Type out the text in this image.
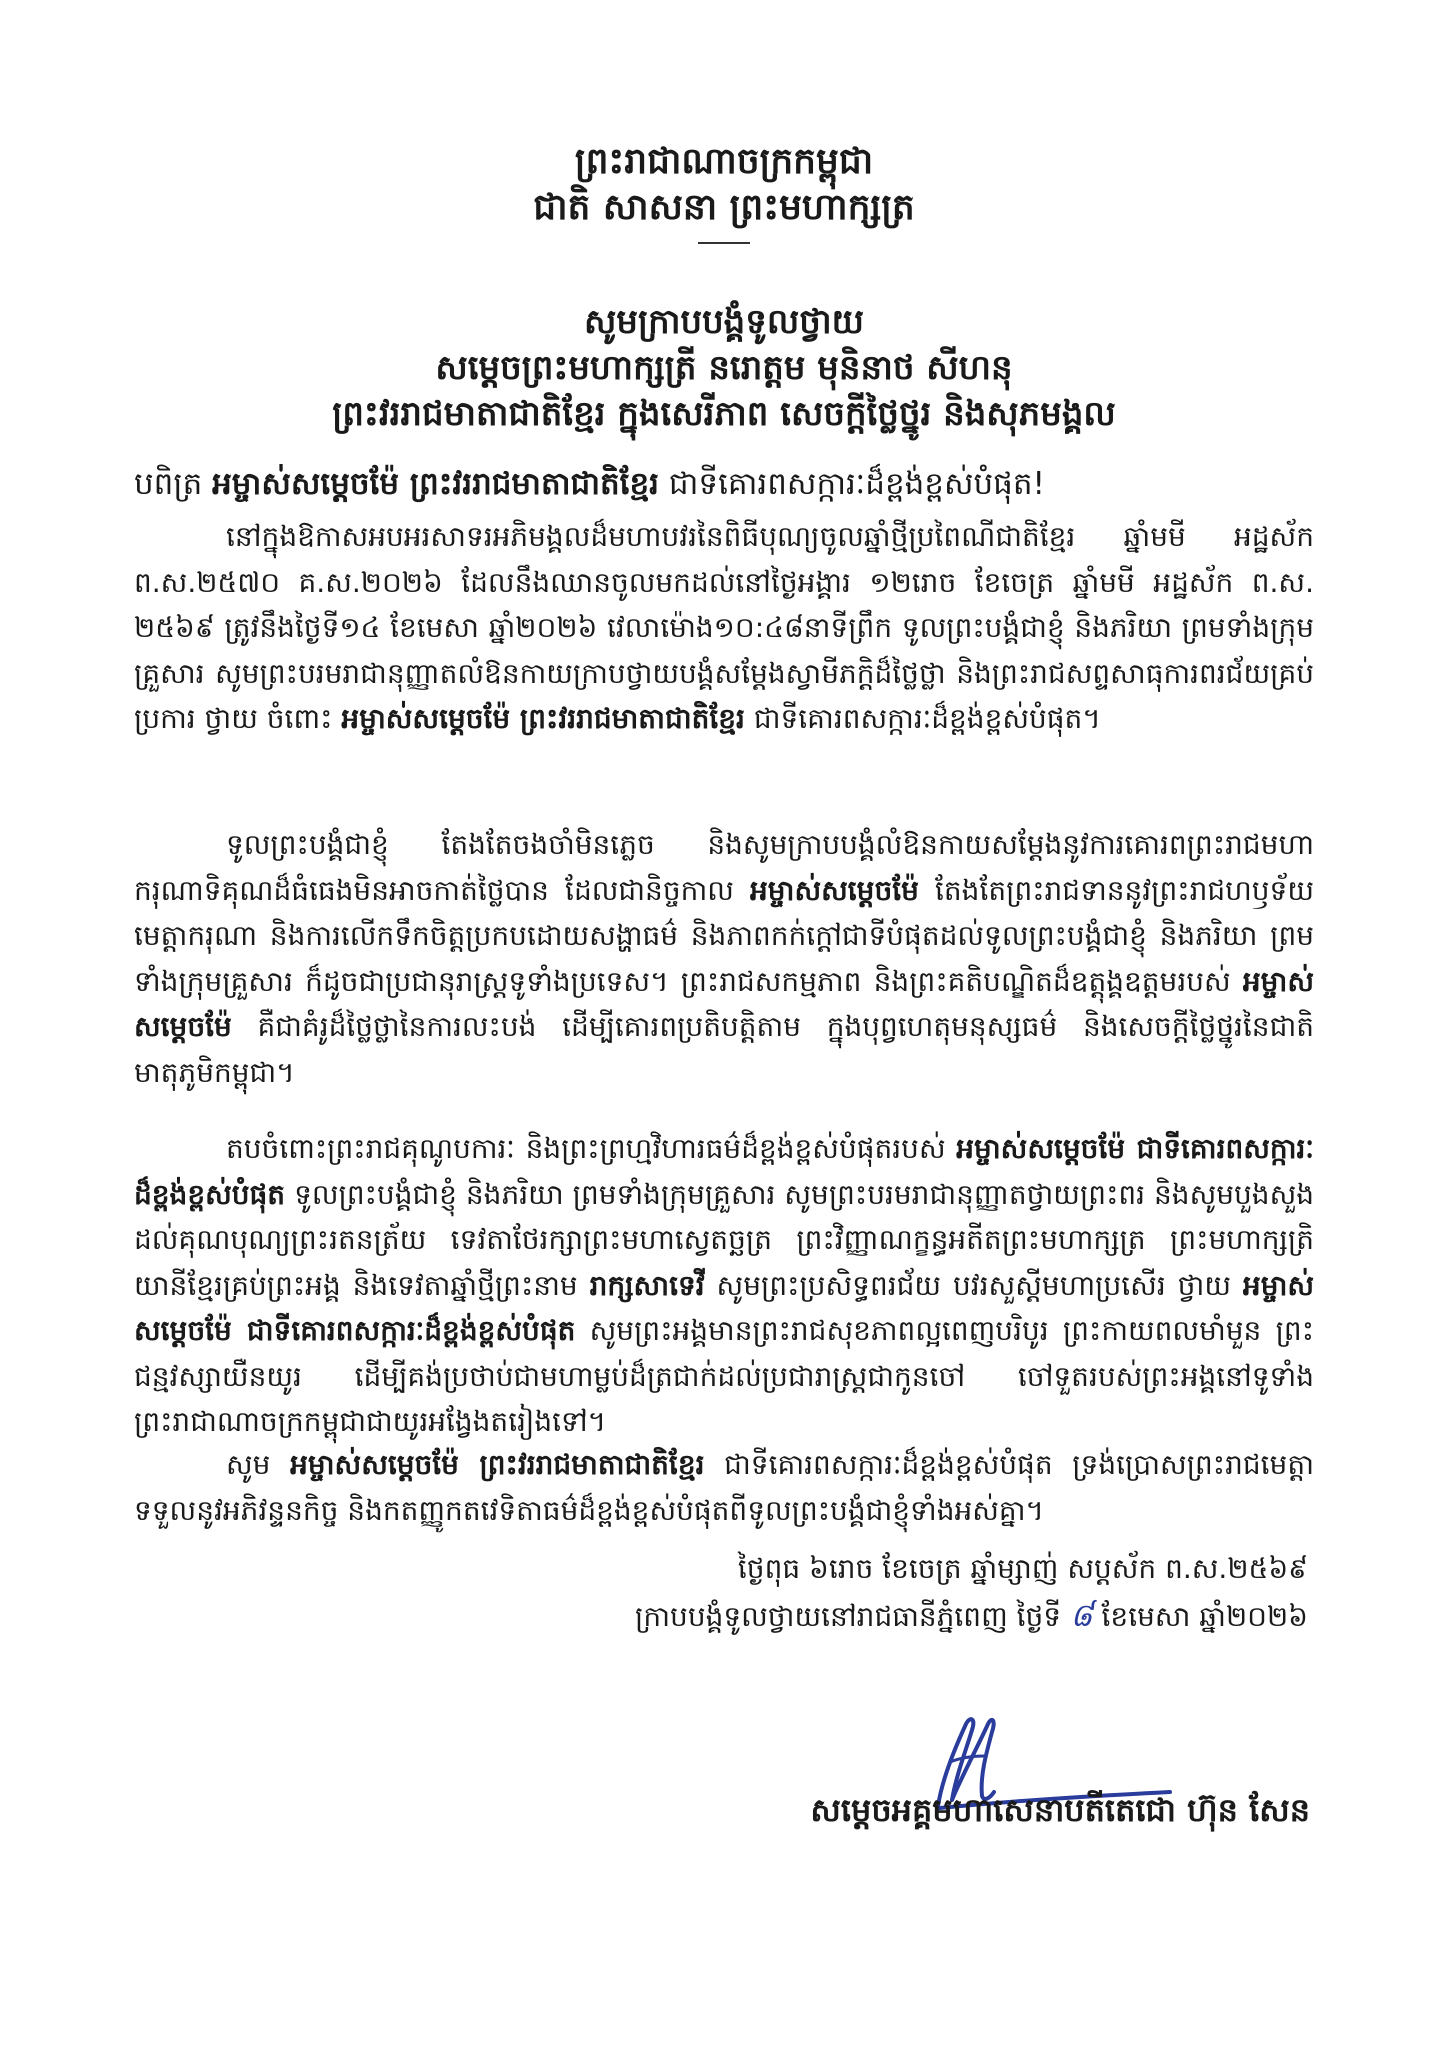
ព្រះរាជាណាចក្រកម្ពុជា
ជាតិ សាសនា ព្រះមហាក្សត្រ
សូមក្រាបបង្គំទូលថ្វាយ
សម្តេចព្រះមហាក្សត្រី នរោត្តម មុនិនាថ សីហនុ
ព្រះវររាជមាតាជាតិខ្មែរ ក្នុងសេរីភាព សេចក្តីថ្លៃថ្នូរ និងសុភមង្គល
បពិត្រ អម្ចាស់សម្តេចម៉ែ ព្រះវររាជមាតាជាតិខ្មែរ ជាទីគោរពសក្ការៈដ៏ខ្ពង់ខ្ពស់បំផុត!
នៅក្នុងឱកាសអបអរសាទរអភិមង្គលដ៏មហាបវរនៃពិធីបុណ្យចូលឆ្នាំថ្មីប្រពៃណីជាតិខ្មែរ ឆ្នាំមមី អដ្ឋស័ក ព.ស.២៥៧០ គ.ស.២០២៦ ដែលនឹងឈានចូលមកដល់នៅថ្ងៃអង្គារ ១២រោច ខែចេត្រ ឆ្នាំមមី អដ្ឋស័ក ព.ស. ២៥៦៩ ត្រូវនឹងថ្ងៃទី១៤ ខែមេសា ឆ្នាំ២០២៦ វេលាម៉ោង១០:៤៨នាទីព្រឹក ទូលព្រះបង្គំជាខ្ញុំ និងភរិយា ព្រមទាំងក្រុមគ្រួសារ សូមព្រះបរមរាជានុញ្ញាតលំឱនកាយក្រាបថ្វាយបង្គំសម្តែងស្វាមីភក្តិដ៏ថ្លៃថ្លា និងព្រះរាជសព្ទសាធុការពរជ័យគ្រប់ប្រការ ថ្វាយ ចំពោះ អម្ចាស់សម្តេចម៉ែ ព្រះវររាជមាតាជាតិខ្មែរ ជាទីគោរពសក្ការៈដ៏ខ្ពង់ខ្ពស់បំផុត។
ទូលព្រះបង្គំជាខ្ញុំ តែងតែចងចាំមិនភ្លេច និងសូមក្រាបបង្គំលំឱនកាយសម្តែងនូវការគោរពព្រះរាជមហាករុណាទិគុណដ៏ធំធេងមិនអាចកាត់ថ្លៃបាន ដែលជានិច្ចកាល អម្ចាស់សម្តេចម៉ែ តែងតែព្រះរាជទាននូវព្រះរាជហឫទ័យមេត្តាករុណា និងការលើកទឹកចិត្តប្រកបដោយសង្ហាធម៌ និងភាពកក់ក្តៅជាទីបំផុតដល់ទូលព្រះបង្គំជាខ្ញុំ និងភរិយា ព្រមទាំងក្រុមគ្រួសារ ក៏ដូចជាប្រជានុរាស្ត្រទូទាំងប្រទេស។ ព្រះរាជសកម្មភាព និងព្រះគតិបណ្ឌិតដ៏ឧត្តុង្គឧត្តមរបស់ អម្ចាស់សម្តេចម៉ែ គឺជាគំរូដ៏ថ្លៃថ្លានៃការលះបង់ ដើម្បីគោរពប្រតិបត្តិតាម ក្នុងបុព្វហេតុមនុស្សធម៌ និងសេចក្តីថ្លៃថ្នូរនៃជាតិមាតុភូមិកម្ពុជា។
តបចំពោះព្រះរាជគុណូបការៈ និងព្រះព្រហ្មវិហារធម៌ដ៏ខ្ពង់ខ្ពស់បំផុតរបស់ អម្ចាស់សម្តេចម៉ែ ជាទីគោរពសក្ការៈដ៏ខ្ពង់ខ្ពស់បំផុត ទូលព្រះបង្គំជាខ្ញុំ និងភរិយា ព្រមទាំងក្រុមគ្រួសារ សូមព្រះបរមរាជានុញ្ញាតថ្វាយព្រះពរ និងសូមបួងសួងដល់គុណបុណ្យព្រះរតនត្រ័យ ទេវតាថែរក្សាព្រះមហាស្វេតច្ឆត្រ ព្រះវិញ្ញាណក្ខន្ធអតីតព្រះមហាក្សត្រ ព្រះមហាក្សត្រិយានីខ្មែរគ្រប់ព្រះអង្គ និងទេវតាឆ្នាំថ្មីព្រះនាម រាក្សសាទេវី សូមព្រះប្រសិទ្ធពរជ័យ បវរសួស្តីមហាប្រសើរ ថ្វាយ អម្ចាស់សម្តេចម៉ែ ជាទីគោរពសក្ការៈដ៏ខ្ពង់ខ្ពស់បំផុត សូមព្រះអង្គមានព្រះរាជសុខភាពល្អពេញបរិបូរ ព្រះកាយពលមាំមួន ព្រះជន្មវស្សាយឺនយូរ ដើម្បីគង់ប្រថាប់ជាមហាម្លប់ដ៏ត្រជាក់ដល់ប្រជារាស្ត្រជាកូនចៅ ចៅទួតរបស់ព្រះអង្គនៅទូទាំងព្រះរាជាណាចក្រកម្ពុជាជាយូរអង្វែងតរៀងទៅ។
សូម អម្ចាស់សម្តេចម៉ែ ព្រះវររាជមាតាជាតិខ្មែរ ជាទីគោរពសក្ការៈដ៏ខ្ពង់ខ្ពស់បំផុត ទ្រង់ប្រោសព្រះរាជមេត្តាទទួលនូវអភិវន្ទនកិច្ច និងកតញ្ញូកតវេទិតាធម៌ដ៏ខ្ពង់ខ្ពស់បំផុតពីទូលព្រះបង្គំជាខ្ញុំទាំងអស់គ្នា។
ថ្ងៃពុធ ៦រោច ខែចេត្រ ឆ្នាំម្សាញ់ សប្តស័ក ព.ស.២៥៦៩
ក្រាបបង្គំទូលថ្វាយនៅរាជធានីភ្នំពេញ ថ្ងៃទី ៨ ខែមេសា ឆ្នាំ២០២៦
សម្តេចអគ្គមហាសេនាបតីតេជោ ហ៊ុន សែន
